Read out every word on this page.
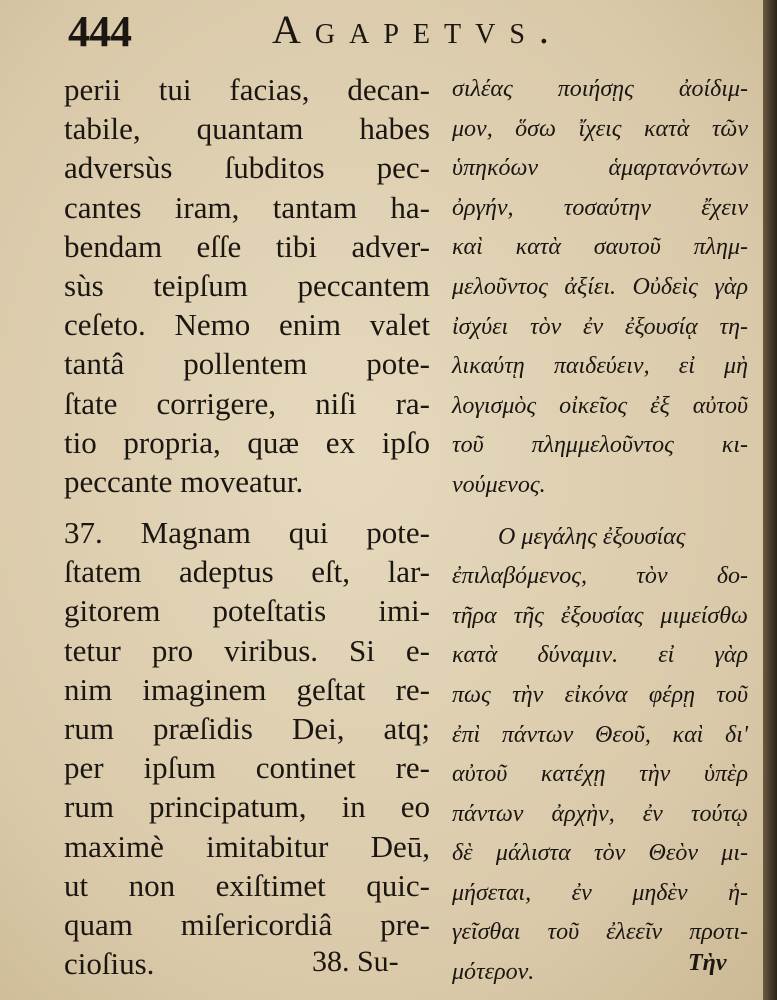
444	Agapetvs.
perii tui facias, decan-
tabile, quantam habes
adversùs ſubditos pec-
cantes iram, tantam ha-
bendam eſſe tibi adver-
sùs teipſum peccantem
ceſeto. Nemo enim valet
tantâ pollentem pote-
ſtate corrigere, niſi ra-
tio propria, quæ ex ipſo
peccante moveatur.
37. Magnam qui pote-
ſtatem adeptus eſt, lar-
gitorem poteſtatis imi-
tetur pro viribus. Si e-
nim imaginem geſtat re-
rum præſidis Dei, atq;
per ipſum continet re-
rum principatum, in eo
maximè imitabitur Deū,
ut non exiſtimet quic-
quam miſericordiâ pre-
cioſius.
σιλέας ποιήσῃς ἀοίδιμ-
μον, ὅσω ἴχεις κατὰ τῶν
ὑπηκόων ἁμαρτανόντων
ὀργήν, τοσαύτην ἔχειν
καὶ κατὰ σαυτοῦ πλημ-
μελοῦντος ἀξίει. Οὐδεὶς γὰρ
ἰσχύει τὸν ἐν ἐξουσίᾳ τη-
λικαύτῃ παιδεύειν, εἰ μὴ
λογισμὸς οἰκεῖος ἐξ αὐτοῦ
τοῦ πλημμελοῦντος κι-
νούμενος.
Ο μεγάλης ἐξουσίας
ἐπιλαβόμενος, τὸν δο-
τῆρα τῆς ἐξουσίας μιμείσθω
κατὰ δύναμιν. εἰ γὰρ
πως τὴν εἰκόνα φέρῃ τοῦ
ἐπὶ πάντων Θεοῦ, καὶ δι'
αὐτοῦ κατέχῃ τὴν ὑπὲρ
πάντων ἀρχὴν, ἐν τούτῳ
δὲ μάλιστα τὸν Θεὸν μι-
μήσεται, ἐν μηδὲν ἡ-
γεῖσθαι τοῦ ἐλεεῖν προτι-
μότερον.
38. Su-	Τὴν
